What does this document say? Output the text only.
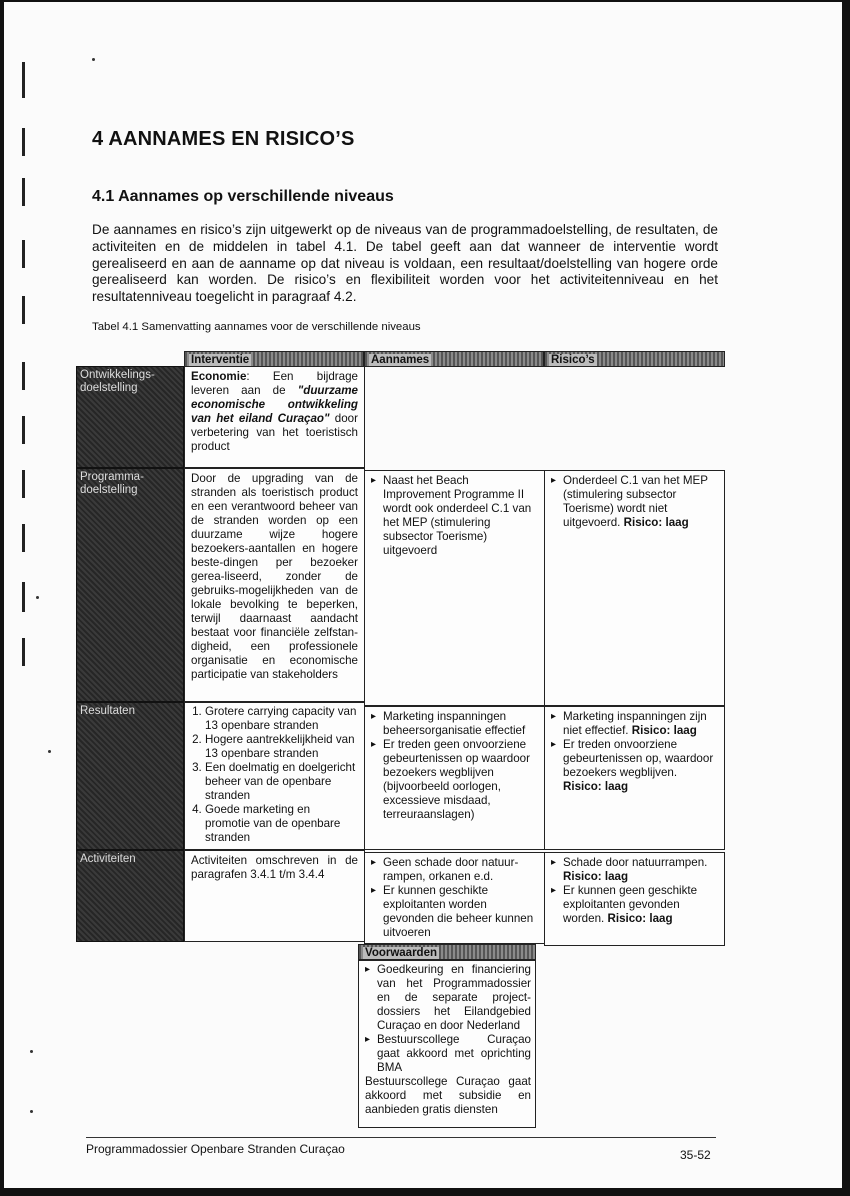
4 AANNAMES EN RISICO’S
4.1 Aannames op verschillende niveaus

De aannames en risico’s zijn uitgewerkt op de niveaus van de programmadoelstelling, de resultaten, de activiteiten en de middelen in tabel 4.1. De tabel geeft aan dat wanneer de interventie wordt gerealiseerd en aan de aanname op dat niveau is voldaan, een resultaat/doelstelling van hogere orde gerealiseerd kan worden. De risico’s en flexibiliteit worden voor het activiteitenniveau en het resultatenniveau toegelicht in paragraaf 4.2.

Tabel 4.1 Samenvatting aannames voor de verschillende niveaus

Interventie	Aannames	Risico’s
Ontwikkelings-doelstelling
Economie: Een bijdrage leveren aan de "duurzame economische ontwikkeling van het eiland Curaçao" door verbetering van het toeristisch product
Programma-doelstelling
Door de upgrading van de stranden als toeristisch product en een verantwoord beheer van de stranden worden op een duurzame wijze hogere bezoekers-aantallen en hogere beste-dingen per bezoeker gerea-liseerd, zonder de gebruiks-mogelijkheden van de lokale bevolking te beperken, terwijl daarnaast aandacht bestaat voor financiële zelfstan-digheid, een professionele organisatie en economische participatie van stakeholders
▸ Naast het Beach Improvement Programme II wordt ook onderdeel C.1 van het MEP (stimulering subsector Toerisme) uitgevoerd
▸ Onderdeel C.1 van het MEP (stimulering subsector Toerisme) wordt niet uitgevoerd. Risico: laag
Resultaten
1.	Grotere carrying capacity van 13 openbare stranden
2. Hogere aantrekkelijkheid van 13 openbare stranden
3. Een doelmatig en doelgericht beheer van de openbare stranden
4. Goede marketing en promotie van de openbare stranden
▸ Marketing inspanningen beheersorganisatie effectief
▸ Er treden geen onvoorziene gebeurtenissen op waardoor bezoekers wegblijven (bijvoorbeeld oorlogen, excessieve misdaad, terreuraanslagen)
▸ Marketing inspanningen zijn niet effectief. Risico: laag
▸ Er treden onvoorziene gebeurtenissen op, waardoor bezoekers wegblijven. Risico: laag
Activiteiten	Activiteiten omschreven in de paragrafen 3.4.1 t/m 3.4.4
▸ Geen schade door natuur-rampen, orkanen e.d.
▸ Er kunnen geschikte exploitanten worden gevonden die beheer kunnen uitvoeren
▸ Schade door natuurrampen. Risico: laag
▸ Er kunnen geen geschikte exploitanten gevonden worden. Risico: laag
Voorwaarden
▸ Goedkeuring en financiering van het Programmadossier en de separate project-dossiers het Eilandgebied Curaçao en door Nederland
▸ Bestuurscollege Curaçao gaat akkoord met oprichting BMA
Bestuurscollege Curaçao gaat akkoord met subsidie en aanbieden gratis diensten
Programmadossier Openbare Stranden Curaçao	35-52
